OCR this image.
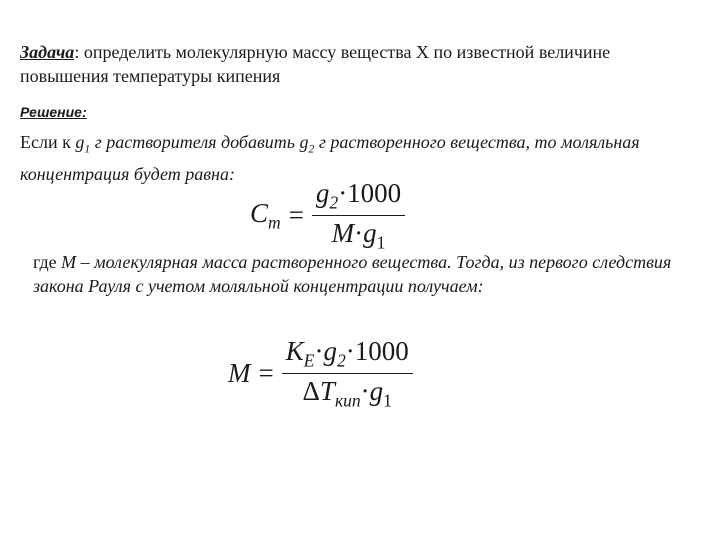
Задача: определить молекулярную массу вещества X по известной величине повышения температуры кипения
Решение:
Если к $g_1$ г растворителя добавить $g_2$ г растворенного вещества, то моляльная концентрация будет равна:
$C_m = \frac{g_2\cdot 1000}{M\cdot g_1}$
где M – молекулярная масса растворенного вещества. Тогда, из первого следствия закона Рауля с учетом моляльной концентрации получаем:
$M = \frac{K_E\cdot g_2\cdot 1000}{\Delta T_{кип}\cdot g_1}$
